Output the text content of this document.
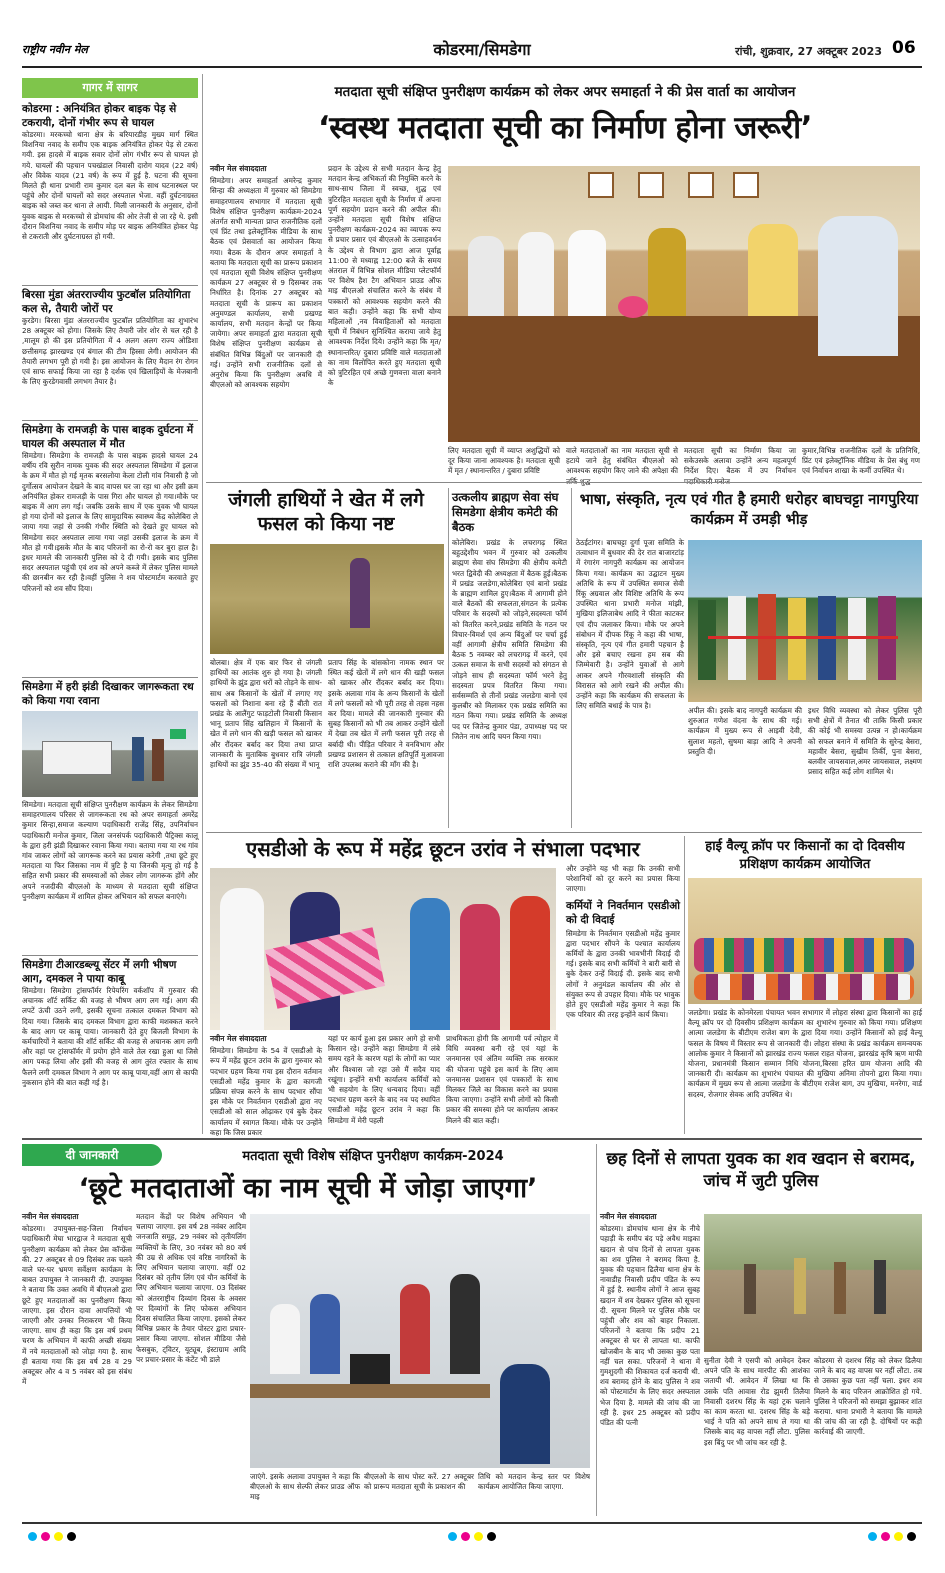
राष्ट्रीय नवीन मेल	कोडरमा/सिमडेगा	रांची, शुक्रवार, 27 अक्टूबर 2023 06
गागर में सागर
कोडरमा : अनियंत्रित होकर बाइक पेड़ से टकरायी, दोनों गंभीर रूप से घायल
कोडरमा। मरकच्चो थाना क्षेत्र के बरियारडीह मुख्य मार्ग स्थित विशनिया नवाद के समीप एक बाइक अनियंत्रित होकर पेड़ से टकरा गयी. इस हादसे में बाइक सवार दोनों लोग गंभीर रूप से घायल हो गये. घायलों की पहचान पचखंडाल निवासी दारोग यादव (22 वर्ष) और विवेक यादव (21 वर्ष) के रूप में हुई है. घटना की सूचना मिलते ही थाना प्रभारी राम कुमार दल बल के साथ घटनास्थल पर पहुंचे और दोनों घायलों को सदर अस्पताल भेजा. वहीं दुर्घटनाग्रस्त बाइक को जब्त कर थाना ले आयी. मिली जानकारी के अनुसार, दोनों युवक बाइक से मरकच्चो से डोमचांच की ओर तेजी से जा रहे थे. इसी दौरान विशनिया नवाद के समीप मोड़ पर बाइक अनियंत्रित होकर पेड़ से टकराती और दुर्घटनाग्रस्त हो गयी.
बिरसा मुंडा अंतरराज्यीय फुटबॉल प्रतियोगिता कल से, तैयारी जोरों पर
कुरडेग। बिरसा मुंडा अंतरराज्यीय फुटबॉल प्रतियोगिता का शुभारंभ 28 अक्टूबर को होगा। जिसके लिए तैयारी जोर शोर से चल रही है ,मालूम हो की इस प्रतियोगिता में 4 अलग अलग राज्य ओडिशा छत्तीसगढ़ झारखण्ड एवं बंगाल की टीम हिस्सा लेगी। आयोजन की तैयारी लगभग पूरी हो गयी है। इस आयोजन के लिए मैदान रंग रोगन एवं साफ सफाई किया जा रहा है दर्शक एवं खिलाड़ियों के मेजबानी के लिए कुरडेगवासी लगभग तैयार है।
सिमडेगा के रामजड़ी के पास बाइक दुर्घटना में घायल की अस्पताल में मौत
सिमडेगा। सिमडेगा के रामजड़ी के पास बाइक हादसे घायल 24 वर्षीय रवि सुरीन नामक युवक की सदर अस्पताल सिमडेगा में इलाज के क्रम में मौत हो गई मृतक बरसलोया केला टोली गांव निवासी है जो दुर्गोत्सव आयोजन देखने के बाद वापस घर जा रहा था और इसी क्रम अनियंत्रित होकर रामजड़ी के पास गिरा और घायल हो गया।मौके पर बाइक में आग लग गई। जबकि उसके साथ में एक युवक भी घायल हो गया दोनों को इलाज के लिए सामुदायिक स्वास्थ्य केंद्र कोलेबिरा ले जाया गया जहां से उनकी गंभीर स्थिति को देखते हुए घायल को सिमडेगा सदर अस्पताल लाया गया जहां उसकी इलाज के क्रम में मौत हो गयी।इसके मौत के बाद परिजनों का रो-रो कर बुरा हाल है।इधर मामले की जानकारी पुलिस को दे दी गयी। इसके बाद पुलिस सदर अस्पताल पहुंची एवं शव को अपने कब्जे में लेकर पुलिस मामले की छानबीन कर रही है।वहीं पुलिस ने शव पोस्टमार्टम करवाते हुए परिजनों को शव सौंप दिया।
सिमडेगा में हरी झंडी दिखाकर जागरूकता रथ को किया गया रवाना
सिमडेगा। मतदाता सूची संक्षिप्त पुनरीक्षण कार्यक्रम के लेकर सिमडेगा समाहरणालय परिसर से जागरूकता रथ को अपर समाहर्ता अमरेंद्र कुमार सिन्हा,समाज कल्याण पदाधिकारी राजेंद्र सिंह, उपनिर्वाचन पदाधिकारी मनोज कुमार, जिला जनसंपर्क पदाधिकारी पैट्रिक्स कालू के द्वारा हरी झंडी दिखाकर रवाना किया गया। बताया गया या रथ गांव गांव जाकर लोगों को जागरूक करने का प्रयास करेगी ,तथा छूटे हुए मतदाता या फिर जिसका नाम में त्रुटि है या जिनकी मृत्यु हो गई है सहित सभी प्रकार की समस्याओं को लेकर लोग जागरूक होंगे और अपने नजदीकी बीएलओ के माध्यम से मतदाता सूची संक्षिप्त पुनरीक्षण कार्यक्रम में शामिल होकर अभियान को सफल बनाएंगे।
सिमडेगा टीआरडब्ल्यू सेंटर में लगी भीषण आग, दमकल ने पाया काबू
सिमडेगा। सिमडेगा ट्रांसफॉर्मर रिपेयरिंग वर्कशॉप में गुरुवार की अचानक शॉर्ट सर्किट की वजह से भीषण आग लग गई। आग की लपटें ऊंची उठने लगी, इसकी सूचना तत्काल दमकल विभाग को दिया गया। जिसके बाद दमकल विभाग द्वारा काफी मशक्कत करने के बाद आग पर काबू पाया। जानकारी देते हुए बिजली विभाग के कर्मचारियों ने बताया की शॉर्ट सर्किट की वजह से अचानक आग लगी और वहां पर ट्रांसफॉर्मर में प्रयोग होने वाले तेल रखा हुआ था जिसे आग पकड़ लिया और इसी की वजह से आग तुरंत रफ्तार के साथ फैलने लगी दमकल विभाग ने आग पर काबू पाया,वहीं आग से काफी नुकसान होने की बात कही गई है।
मतदाता सूची संक्षिप्त पुनरीक्षण कार्यक्रम को लेकर अपर समाहर्ता ने की प्रेस वार्ता का आयोजन
‘स्वस्थ मतदाता सूची का निर्माण होना जरूरी’
नवीन मेल संवाददाता
सिमडेगा। अपर समाहर्ता अमरेन्द्र कुमार सिन्हा की अध्यक्षता में गुरुवार को सिमडेगा समाहरणालय सभागार में मतदाता सूची विशेष संक्षिप्त पुनरीक्षण कार्यक्रम-2024 अंतर्गत सभी मान्यता प्राप्त राजनीतिक दलों एवं प्रिंट तथा इलेक्ट्रॉनिक मीडिया के साथ बैठक एवं प्रेसवार्ता का आयोजन किया गया। बैठक के दौरान अपर समाहर्ता ने बताया कि मतदाता सूची का प्रारूप प्रकाशन एवं मतदाता सूची विशेष संक्षिप्त पुनरीक्षण कार्यक्रम 27 अक्टूबर से 9 दिसम्बर तक निर्धारित है। दिनांक 27 अक्टूबर को मतदाता सूची के प्रारूप का प्रकाशन अनुमण्डल कार्यालय, सभी प्रखण्ड कार्यालय, सभी मतदान केन्द्रों पर किया जायेगा। अपर समाहर्ता द्वारा मतदाता सूची विशेष संक्षिप्त पुनरीक्षण कार्यक्रम से संबंधित विभिन्न बिंदुओं पर जानकारी दी गई। उन्होंने सभी राजनीतिक दलों से अनुरोध किया कि पुनरीक्षण अवधि में बीएलओ को आवश्यक सहयोग
प्रदान के उद्देश्य से सभी मतदान केन्द्र हेतु मतदान केन्द्र अभिकर्ता की नियुक्ति करने के साथ-साथ जिला में स्वच्छ, शुद्ध एवं त्रुटिरहित मतदाता सूची के निर्माण में अपना पूर्ण सहयोग प्रदान करने की अपील की। उन्होंने मतदाता सूची विशेष संक्षिप्त पुनरीक्षण कार्यक्रम-2024 का व्यापक रूप से प्रचार प्रसार एवं बीएलओ के उत्साहवर्धन के उद्देश्य से विभाग द्वारा आज पूर्वाह्न 11:00 से मध्याह्न 12:00 बजे के समय अंतराल में विभिन्न सोशल मीडिया प्लेटफॉर्म पर विशेष हैश टैग अभियान प्राउड ऑफ माइ बीएलओ संचालित करने के संबंध में पत्रकारों को आवश्यक सहयोग करने की बात कही। उन्होंने कहा कि सभी योग्य महिलाओं ,नव विवाहिताओं को मतदाता सूची में निबंधन सुनिश्चित कराया जाये हेतु आवश्यक निर्देश दिये। उन्होंने कहा कि मृत/स्थानान्तरित/ दुबारा प्रविष्टि वाले मतदाताओं का नाम विलोपित करते हुए मतदाता सूची को त्रुटिरहित एवं अच्छे गुणवत्ता वाला बनाने के
लिए मतदाता सूची में व्याप्त अशुद्धियों को दूर किया जाना आवश्यक है। मतदाता सूची में मृत / स्थानान्तरित / दुबारा प्रविष्टि
वाले मतदाताओं का नाम मतदाता सूची से हटाये जाने हेतु संबंधित बीएलओ को आवश्यक सहयोग किए जाने की अपेक्षा की
मतदाता सूची का निर्माण किया जा सकेउसके अलावा उन्होंने अन्य महत्वपूर्ण निर्देश दिए। बैठक में उप निर्वाचन
कुमार,विभिन्न राजनीतिक दलों के प्रतिनिधि, प्रिंट एवं इलेक्ट्रॉनिक मीडिया के प्रेस बंधु गण एवं निर्वाचन शाखा के कर्मी उपस्थित थे।
जंगली हाथियों ने खेत में लगे फसल को किया नष्ट
बोलबा। क्षेत्र में एक बार फिर से जंगली हाथियों का आतंक शुरु हो गया है। जंगली हाथियों के झुंड द्वारा धरों को तोड़ने के साथ-साथ अब किसानों के खेतों में लगाए गए फसलों को निशाना बना रहे हैं बीती रात प्रखंड के आलैंगुट फाड़टोली निवासी किसान भानू प्रताप सिंह खलिहान में किसानों के खेत में लगे धान की खड़ी फसल को खाकर और रौंदकर बर्बाद कर दिया तथा प्राप्त जानकारी के मुताबिक बुधवार रात्रि जंगली हाथियों का झुंड 35-40 की संख्या में भानू
प्रताप सिंह के बांसकोना नामक स्थान पर स्थित कई खेतों में लगे धान की खड़ी फसल को खाकर और रौंदकर बर्बाद कर दिया। इसके अलावा गांव के अन्य किसानों के खेतों में लगे फसलों को भी पूरी तरह से तहस नहस कर दिया। मामले की जानकारी गुरुवार की सुबह किसानों को भी तब आकर उन्होंने खेतों में देखा तब खेत में लगी फसल पूरी तरह से बर्बादी थी। पीड़ित परिवार ने वनविभाग और प्रखण्ड प्रशासन से तत्काल क्षतिपूर्ति मुआवजा राशि उपलब्ध कराने की माँग की है।
उत्कलीय ब्राह्मण सेवा संघ सिमडेगा क्षेत्रीय कमेटी की बैठक
कोलेबिरा। प्रखंड के लचरागढ़ स्थित बहुउद्देशीय भवन में गुरुवार को उत्कलीय ब्राह्मण सेवा संघ सिमडेगा की क्षेत्रीय कमेटी भरत द्विवेदी की अध्यक्षता में बैठक हुई।बैठक में प्रखंड जलडेगा,कोलेबिरा एवं बानो प्रखंड के ब्राह्मण शामिल हुए।बैठक में आगामी होने वाले बैठकों की सफलता,संगठन के प्रत्येक परिवार के सदस्यों को जोड़ने,सदस्यता फॉर्म को वितरित करने,प्रखंड समिति के गठन पर विचार-विमर्श एवं अन्य बिंदुओं पर चर्चा हुई वहीं आगामी क्षेत्रीय समिति सिमडेगा की बैठक 5 नवम्बर को लचरागढ़ में करने, एवं उत्कल समाज के सभी सदस्यों को संगठन से जोड़ने साथ ही सदस्यता फॉर्म भरने हेतु सदस्यता प्रपत्र वितरित किया गया। सर्वसम्मति से तीनों प्रखंड जलडेगा बानो एवं कुलबीर को मिलाकर एक प्रखंड समिति का गठन किया गया। प्रखंड समिति के अध्यक्ष पद पर जितेन्द्र कुमार पंडा, उपाध्यक्ष पद पर जितेन नाथ आदि चयन किया गया।
भाषा, संस्कृति, नृत्य एवं गीत है हमारी धरोहर बाघचट्टा नागपुरिया कार्यक्रम में उमड़ी भीड़
ठेठईटांगर। बाघचट्टा दुर्गा पूजा समिति के तत्वाधान में बुधवार की देर रात बाजारटांड़ में रंगारंग नागपुरी कार्यक्रम का आयोजन किया गया। कार्यक्रम का उद्घाटन मुख्य अतिथि के रूप में उपस्थित समाज सेवी रिंकू अग्रवाल और विशिष्ट अतिथि के रूप उपस्थित थाना प्रभारी मनोज मांझी, मुखिया इलिजाबेथ आदि ने फीता काटकर एवं दीप जलाकर किया। मौके पर अपने संबोधन में दीपक रिंकू ने कहा की भाषा, संस्कृति, नृत्य एवं गीत हमारी पहचान है और इसे बचाए रखना हम सब की जिम्मेवारी है। उन्होंने युवाओं से आगे आकर अपने गौरवशाली संस्कृति की विरासत को आगे रखने की अपील की। उन्होंने कहा कि कार्यक्रम की सफलता के लिए समिति बधाई के पात्र है।
अपील की। इसके बाद नागपुरी कार्यक्रम की शुरुआत गणेश वंदना के साथ की गई। कार्यक्रम में मुख्य रूप से आइवी देवी, सुलाश महतो, सुषमा बाड़ा आदि ने अपनी प्रस्तुति दी।
इधर विधि व्यवस्था को लेकर पुलिस पूरी सभी क्षेत्रों में तैनात थी ताकि किसी प्रकार की कोई भी समस्या उत्पन्न न हो।कार्यक्रम को सफल बनाने में समिति के सुरेन्द्र बेसरा, महावीर बेसरा, सुखीम तिर्की, पुना बेसरा, बलवीर जायसवाल,अमर जायसवाल, लक्ष्मण प्रसाद सहित कई लोग शामिल थे।
एसडीओ के रूप में महेंद्र छूटन उरांव ने संभाला पदभार
नवीन मेल संवाददाता
सिमडेगा। सिमडेगा के 54 वें एसडीओ के रूप में महेंद्र छूटन उरांव के द्वारा गुरुवार को पदभार ग्रहण किया गया इस दौरान वर्तमान एसडीओ महेंद्र कुमार के द्वारा कागजी प्रक्रिया संपन्न करने के साथ पदभार सौंपा इस मौके पर निवर्तमान एसडीओ द्वारा नए एसडीओ को साल ओढ़ाकर एवं बुके देकर कार्यालय में स्वागत किया। मौके पर उन्होंने कहा कि जिस प्रकार
यहां पर कार्य हुआ इस प्रकार आगे हो सभी किसान रहे। उन्होंने कहा सिमडेगा में लंबे समय रहने के कारण यहां के लोगों का प्यार और विश्वास जो रहा उसे मैं सदैव याद रखूंगा। इन्होंने सभी कार्यालय कर्मियों को भी सहयोग के लिए धन्यवाद दिया। वहीं पदभार ग्रहण करने के बाद नव पद स्थापित एसडीओ महेंद्र छूटन उरांव ने कहा कि सिमडेगा में मेरी पहली
प्राथमिकता होगी कि आगामी पर्व त्योहार में विधि व्यवस्था बनी रहे एवं यहां के जनमानस एवं अंतिम व्यक्ति तक सरकार की योजना पहुंचे इस कार्य के लिए आम जनमानस प्रशासन एवं पत्रकारों के साथ मिलकर जिले का विकास करने का प्रयास किया जाएगा। उन्होंने सभी लोगों को किसी प्रकार की समस्या होने पर कार्यालय आकर मिलने की बात कही।
और उन्होंने यह भी कहा कि उनकी सभी परेशानियों को दूर करने का प्रयास किया जाएगा।
कर्मियों ने निवर्तमान एसडीओ को दी विदाई
सिमडेगा के निवर्तमान एसडीओ महेंद्र कुमार द्वारा पदभार सौंपने के पश्चात कार्यालय कर्मियों के द्वारा उनकी भावभीनी विदाई दी गई। इसके बाद सभी कर्मियों ने बारी बारी से बुके देकर उन्हें विदाई दी. इसके बाद सभी लोगों ने अनुमंडल कार्यालय की ओर से संयुक्त रूप से उपहार दिया। मौके पर भावुक होते हुए एसडीओ महेंद्र कुमार ने कहा कि एक परिवार की तरह इन्होंने कार्य किया।
हाई वैल्यू क्रॉप पर किसानों का दो दिवसीय प्रशिक्षण कार्यक्रम आयोजित
जलडेगा। प्रखंड के कोनमेरला पंचायत भवन सभागार में लोहरा संस्था द्वारा किसानों का हाई वैल्यू क्रॉप पर दो दिवसीय प्रशिक्षण कार्यक्रम का शुभारंभ गुरुवार को किया गया। प्रशिक्षण आत्मा जलडेगा के बीटीएम राजेश बाग के द्वारा दिया गया। उन्होंने किसानों को हाई वैल्यू फसल के विषय में विस्तार रूप से जानकारी दी। लोहरा संस्था के प्रखंड कार्यक्रम समन्वयक आलोक कुमार ने किसानों को झारखंड राज्य फसल राहत योजना, झारखंड कृषि ऋण माफी योजना, प्रधानमंत्री किसान सम्मान निधि योजना,बिरसा हरित ग्राम योजना आदि की जानकारी दी। कार्यक्रम का शुभारंभ पंचायत की मुखिया अनिमा तोपनो द्वारा किया गया। कार्यक्रम में मुख्य रूप से आत्मा जलडेगा के बीटीएम राजेश बाग, उप मुखिया, मनरेगा, वार्ड सदस्य, रोजगार सेवक आदि उपस्थित थे।
दी जानकारी	मतदाता सूची विशेष संक्षिप्त पुनरीक्षण कार्यक्रम-2024
‘छूटे मतदाताओं का नाम सूची में जोड़ा जाएगा’
नवीन मेल संवाददाता
कोडरमा। उपायुक्त-सह-जिला निर्वाचन पदाधिकारी मेघा भारद्वाज ने मतदाता सूची पुनरीक्षण कार्यक्रम को लेकर प्रेस कॉन्फ्रेंस की. 27 अक्टूबर से 09 दिसंबर तक चलने वाले घर-घर भ्रमण सर्वेक्षण कार्यक्रम के बाबत उपायुक्त ने जानकारी दी. उपायुक्त ने बताया कि उक्त अवधि में बीएलओ द्वारा छूटे हुए मतदाताओं का पुनरीक्षण किया जाएगा. इस दौरान दावा आपत्तियों भी जाएगी और उनका निराकरण भी किया जाएगा. साथ ही कहा कि इस वर्ष प्रथम चरण के अभियान में काफी अच्छी संख्या में नये मतदाताओं को जोड़ा गया है. साथ ही बताया गया कि इस वर्ष 28 व 29 अक्टूबर और 4 व 5 नवंबर को इस संबंध में
मतदान केंद्रों पर विशेष अभियान भी चलाया जाएगा. इस वर्ष 28 नवंबर आदिम जनजाति समूह, 29 नवंबर को तृतीयलिंग व्यक्तियों के लिए, 30 नवंबर को 80 वर्ष की उम्र से अधिक एवं वरिष्ठ नागरिकों के लिए अभियान चलाया जाएगा. वहीं 02 दिसंबर को तृतीय लिंग एवं यौन कर्मियों के लिए अभियान चलाया जाएगा. 03 दिसंबर को अंतरराष्ट्रीय दिव्यांग दिवस के अवसर पर दिव्यांगों के लिए फोकस अभियान दिवस संचालित किया जाएगा. इसको लेकर विभिन्न प्रकार के तैयार पोस्टर द्वारा प्रचार-प्रसार किया जाएगा. सोशल मीडिया जैसे फेसबुक, ट्विटर, यूट्यूब, इंस्टाग्राम आदि पर प्रचार-प्रसार के कंटेंट भी डाले
जाएंगे. इसके अलावा उपायुक्त ने कहा कि बीएलओ के साथ सेल्फी लेकर प्राउड ऑफ माइ
बीएलओ के साथ पोस्ट करें. 27 अक्टूबर को प्रारूप मतदाता सूची के प्रकाशन की
तिथि को मतदान केन्द्र स्तर पर विशेष कार्यक्रम आयोजित किया जाएगा.
छह दिनों से लापता युवक का शव खदान से बरामद, जांच में जुटी पुलिस
नवीन मेल संवाददाता
कोडरमा। डोमचांच थाना क्षेत्र के नीचे पहाड़ी के समीप बंद पड़े अवैध माइका खदान से पांच दिनों से लापता युवक का शव पुलिस ने बरामद किया है. युवक की पहचान ढिलैया थाना क्षेत्र के नावाडीह निवासी प्रदीप पंडित के रूप में हुई है. स्थानीय लोगों ने आज सुबह खदान में शव देखकर पुलिस को सूचना दी. सूचना मिलने पर पुलिस मौके पर पहुंची और शव को बाहर निकाला. परिजनों ने बताया कि प्रदीप 21 अक्टूबर से घर से लापता था. काफी खोजबीन के बाद भी उसका कुछ पता नहीं चल सका. परिजनों ने थाना में गुमशुदगी की शिकायत दर्ज करायी थी. शव बरामद होने के बाद पुलिस ने शव को पोस्टमार्टम के लिए सदर अस्पताल भेज दिया है. मामले की जांच की जा रही है. इधर 25 अक्टूबर को प्रदीप पंडित की पत्नी
सुनीता देवी ने एसपी को आवेदन देकर अपने पति के साथ मारपीट की आशंका जतायी थी. आवेदन में लिखा था कि उसके पति आवास रोड झुमरी तिलैया निवासी दशरथ सिंह के यहां ट्रक चलाने का काम करता था. दशरथ सिंह के बड़े भाई ने पति को अपने साथ ले गया था जिसके बाद वह वापस नहीं लौटा. पुलिस इस बिंदु पर भी जांच कर रही है.
कोडरमा से दशरथ सिंह को लेकर ढिलैया जाने के बाद वह वापस घर नहीं लौटा. तब से उसका कुछ पता नहीं चला. इधर शव मिलने के बाद परिजन आक्रोशित हो गये. पुलिस ने परिजनों को समझा बुझाकर शांत कराया. थाना प्रभारी ने बताया कि मामले की जांच की जा रही है. दोषियों पर कड़ी कार्रवाई की जाएगी.
